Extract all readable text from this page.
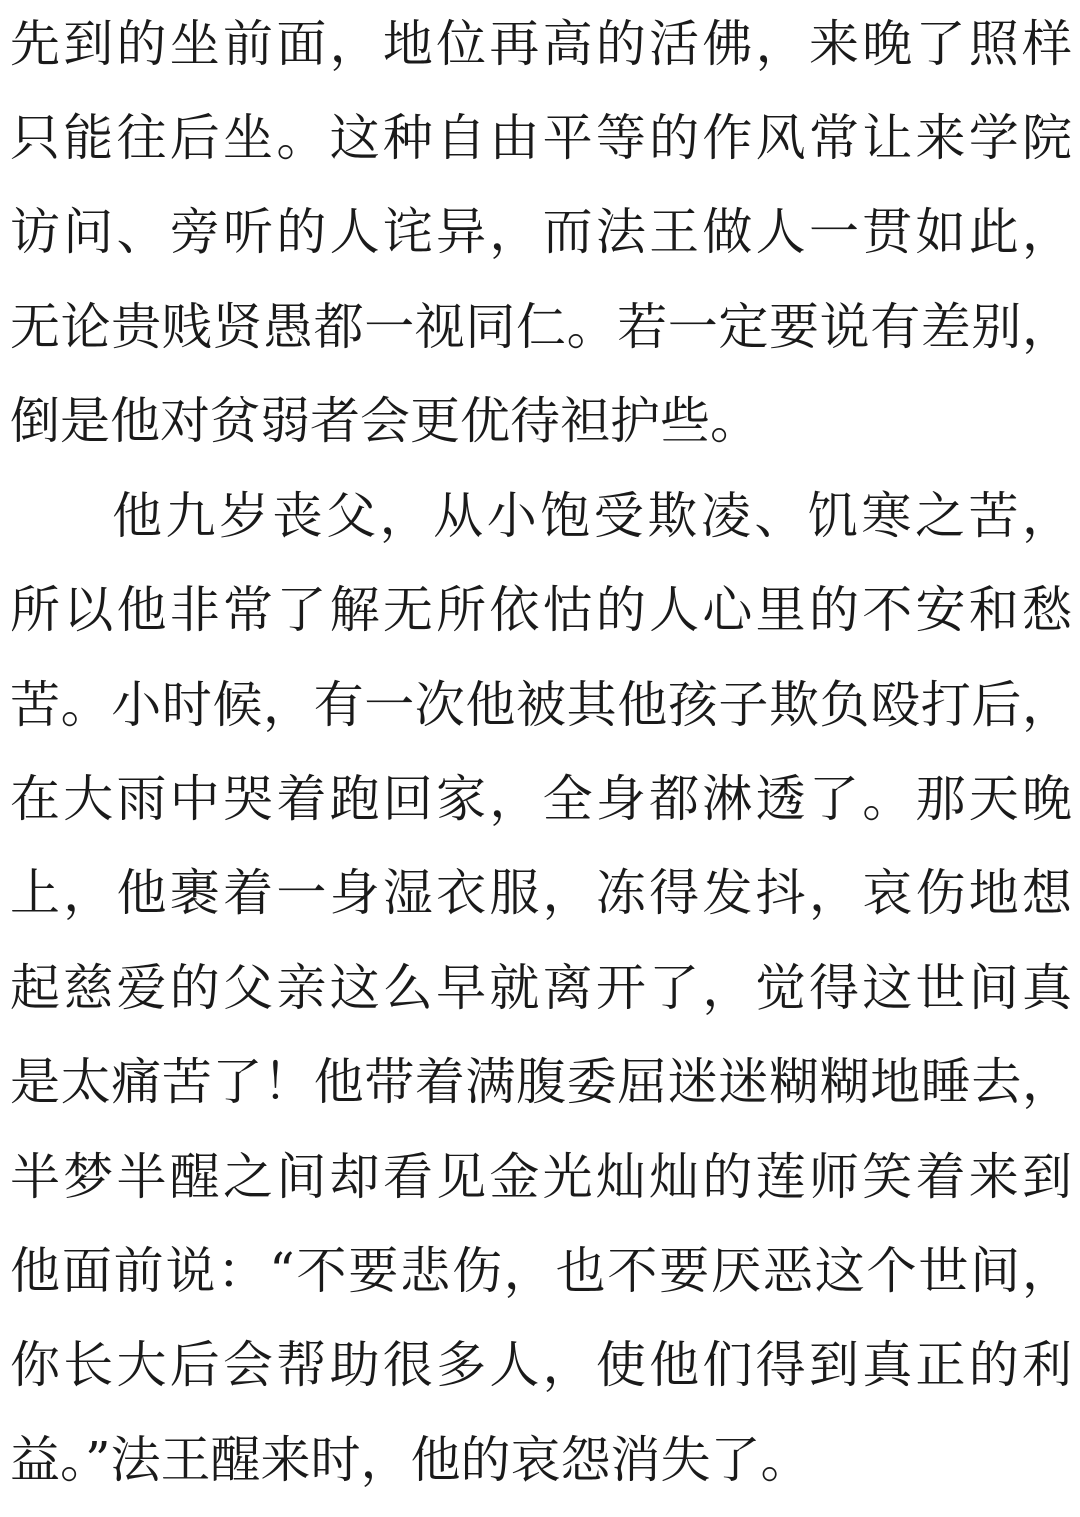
先到的坐前面，地位再高的活佛，来晚了照样
只能往后坐。这种自由平等的作风常让来学院
访问、旁听的人诧异，而法王做人一贯如此，
无论贵贱贤愚都一视同仁。若一定要说有差别，
倒是他对贫弱者会更优待袒护些。
他九岁丧父，从小饱受欺凌、饥寒之苦，
所以他非常了解无所依怙的人心里的不安和愁
苦。小时候，有一次他被其他孩子欺负殴打后，
在大雨中哭着跑回家，全身都淋透了。那天晚
上，他裹着一身湿衣服，冻得发抖，哀伤地想
起慈爱的父亲这么早就离开了，觉得这世间真
是太痛苦了！他带着满腹委屈迷迷糊糊地睡去，
半梦半醒之间却看见金光灿灿的莲师笑着来到
他面前说：“不要悲伤，也不要厌恶这个世间，
你长大后会帮助很多人，使他们得到真正的利
益。”法王醒来时，他的哀怨消失了。
